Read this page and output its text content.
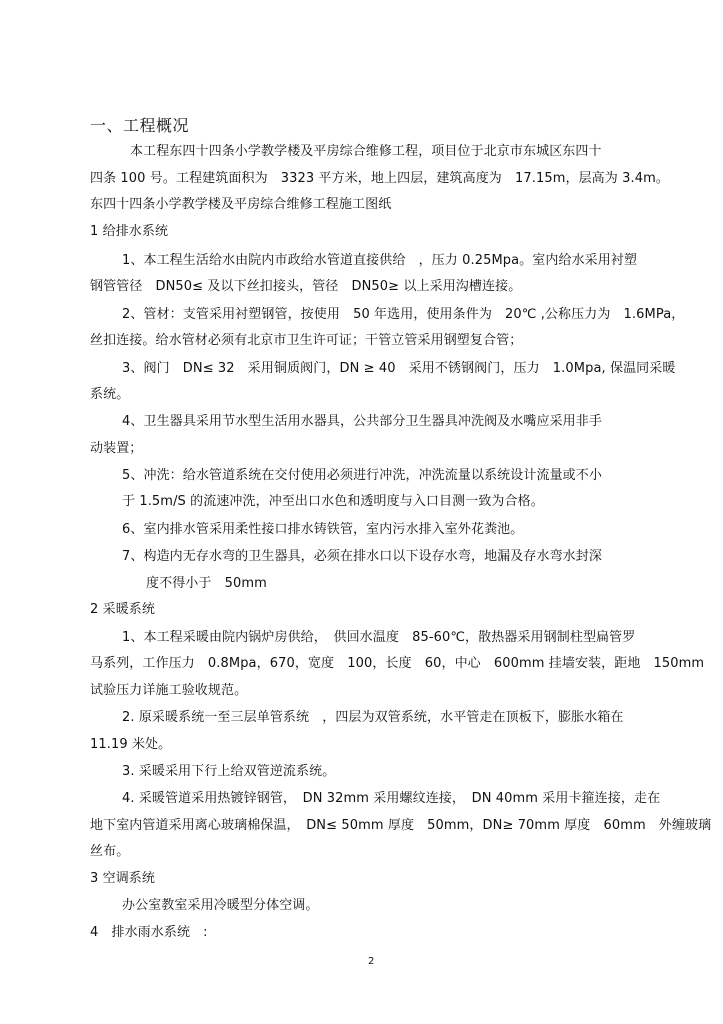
一、工程概况
本工程东四十四条小学教学楼及平房综合维修工程，项目位于北京市东城区东四十
四条 100 号。工程建筑面积为　3323 平方米，地上四层，建筑高度为　17.15m，层高为 3.4m。
东四十四条小学教学楼及平房综合维修工程施工图纸
1 给排水系统
1、本工程生活给水由院内市政给水管道直接供给　，压力 0.25Mpa。室内给水采用衬塑
钢管管径　DN50≤ 及以下丝扣接头，管径　DN50≥ 以上采用沟槽连接。
2、管材：支管采用衬塑钢管，按使用　50 年选用，使用条件为　20℃ ,公称压力为　1.6MPa，
丝扣连接。给水管材必须有北京市卫生许可证；干管立管采用钢塑复合管；
3、阀门　DN≤ 32　采用铜质阀门，DN ≥ 40　采用不锈钢阀门，压力　1.0Mpa, 保温同采暖
系统。
4、卫生器具采用节水型生活用水器具，公共部分卫生器具冲洗阀及水嘴应采用非手
动装置；
5、冲洗：给水管道系统在交付使用必须进行冲洗，冲洗流量以系统设计流量或不小
于 1.5m/S 的流速冲洗，冲至出口水色和透明度与入口目测一致为合格。
6、室内排水管采用柔性接口排水铸铁管，室内污水排入室外花粪池。
7、构造内无存水弯的卫生器具，必须在排水口以下设存水弯，地漏及存水弯水封深
度不得小于　50mm
2 采暖系统
1、本工程采暖由院内锅炉房供给，　供回水温度　85-60℃，散热器采用钢制柱型扁管罗
马系列，工作压力　0.8Mpa，670，宽度　100，长度　60，中心　600mm 挂墙安装，距地　150mm
试验压力详施工验收规范。
2. 原采暖系统一至三层单管系统　，四层为双管系统，水平管走在顶板下，膨胀水箱在
11.19 米处。
3. 采暖采用下行上给双管逆流系统。
4. 采暖管道采用热镀锌钢管，　DN 32mm 采用螺纹连接，　DN 40mm 采用卡箍连接，走在
地下室内管道采用离心玻璃棉保温，　DN≤ 50mm 厚度　50mm，DN≥ 70mm 厚度　60mm　外缠玻璃
丝布。
3 空调系统
办公室教室采用冷暖型分体空调。
4　排水雨水系统　:
2
